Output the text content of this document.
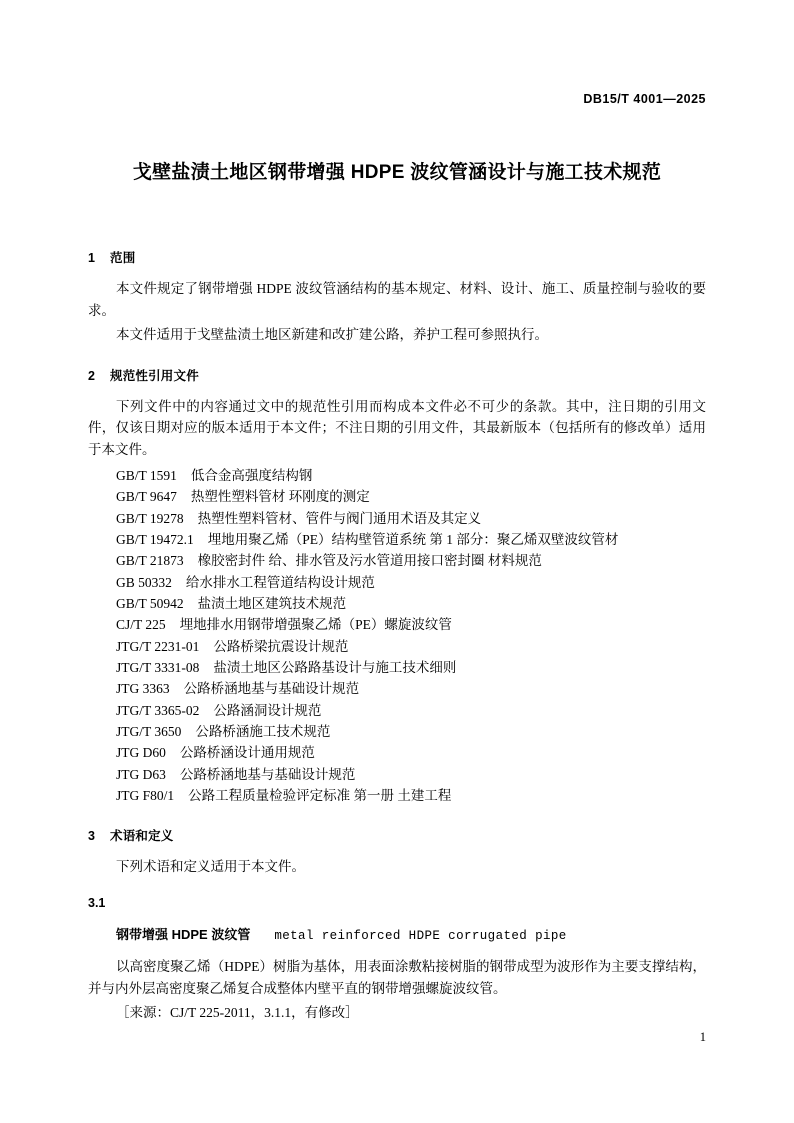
DB15/T 4001—2025
戈壁盐渍土地区钢带增强 HDPE 波纹管涵设计与施工技术规范
1 范围

本文件规定了钢带增强 HDPE 波纹管涵结构的基本规定、材料、设计、施工、质量控制与验收的要求。

本文件适用于戈壁盐渍土地区新建和改扩建公路，养护工程可参照执行。

2 规范性引用文件

下列文件中的内容通过文中的规范性引用而构成本文件必不可少的条款。其中，注日期的引用文件，仅该日期对应的版本适用于本文件；不注日期的引用文件，其最新版本（包括所有的修改单）适用于本文件。

GB/T 1591 低合金高强度结构钢
GB/T 9647 热塑性塑料管材 环刚度的测定
GB/T 19278 热塑性塑料管材、管件与阀门通用术语及其定义
GB/T 19472.1 埋地用聚乙烯（PE）结构壁管道系统 第 1 部分：聚乙烯双壁波纹管材
GB/T 21873 橡胶密封件 给、排水管及污水管道用接口密封圈 材料规范
GB 50332 给水排水工程管道结构设计规范
GB/T 50942 盐渍土地区建筑技术规范
CJ/T 225 埋地排水用钢带增强聚乙烯（PE）螺旋波纹管
JTG/T 2231-01 公路桥梁抗震设计规范
JTG/T 3331-08 盐渍土地区公路路基设计与施工技术细则
JTG 3363 公路桥涵地基与基础设计规范
JTG/T 3365-02 公路涵洞设计规范
JTG/T 3650 公路桥涵施工技术规范
JTG D60 公路桥涵设计通用规范
JTG D63 公路桥涵地基与基础设计规范
JTG F80/1 公路工程质量检验评定标准 第一册 土建工程
3 术语和定义

下列术语和定义适用于本文件。

3.1
钢带增强 HDPE 波纹管 metal reinforced HDPE corrugated pipe

以高密度聚乙烯（HDPE）树脂为基体，用表面涂敷粘接树脂的钢带成型为波形作为主要支撑结构，并与内外层高密度聚乙烯复合成整体内壁平直的钢带增强螺旋波纹管。

［来源：CJ/T 225-2011，3.1.1，有修改］
1
